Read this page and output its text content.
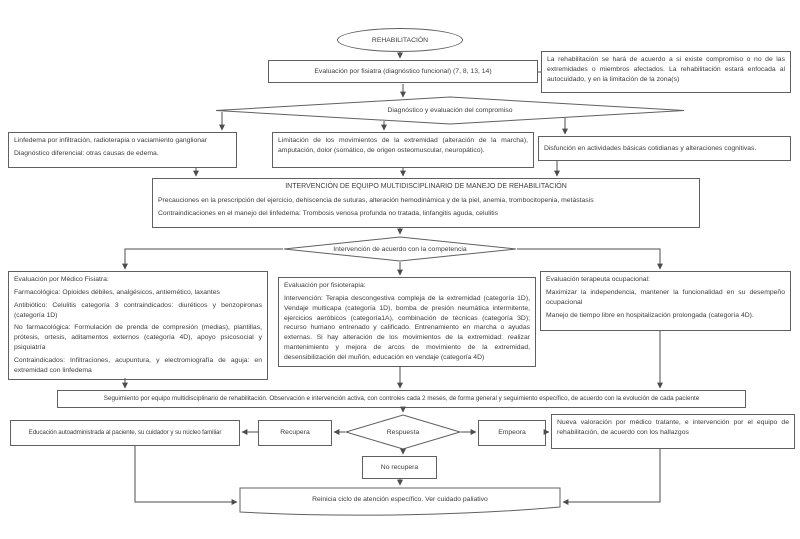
REHABILITACIÓN
Evaluación por fisiatra (diagnóstico funcional) (7, 8, 13, 14)
La rehabilitación se hará de acuerdo a si existe compromiso o no de las extremidades o miembros afectados. La rehabilitación estará enfocada al autocuidado, y en la limitación de la zona(s)
Diagnóstico y evaluación del compromiso

Linfedema por infiltración, radioterapia o vaciamiento ganglionar

Diagnóstico diferencial: otras causas de edema.

Limitación de los movimientos de la extremidad (alteración de la marcha), amputación, dolor (somático, de origen osteomuscular, neuropático).	Disfunción en actividades básicas cotidianas y alteraciones cognitivas.

INTERVENCIÓN DE EQUIPO MULTIDISCIPLINARIO DE MANEJO DE REHABILITACIÓN

Precauciones en la prescripción del ejercicio, dehiscencia de suturas, alteración hemodinámica y de la piel, anemia, trombocitopenia, metástasis

Contraindicaciones en el manejo del linfedema: Trombosis venosa profunda no tratada, linfangitis aguda, celulitis

Intervención de acuerdo con la competencia

Evaluación por Médico Fisiatra:

Farmacológica: Opioides débiles, analgésicos, antiemético, laxantes

Antibiótico: Celulitis categoría 3 contraindicados: diuréticos y benzopironas (categoría 1D)

No farmacológica: Formulación de prenda de compresión (medias), plantillas, prótesis, ortesis, aditamentos externos (categoría 4D), apoyo psicosocial y psiquiatría

Contraindicados: Infiltraciones, acupuntura, y electromiografía de aguja: en extremidad con linfedema

Evaluación por fisioterapia:

Intervención: Terapia descongestiva compleja de la extremidad (categoría 1D), Vendaje multicapa (categoría 1D), bomba de presión neumática intermitente, ejercicios aeróbicos (categoría1A), combinación de técnicas (categoría 3D); recurso humano entrenado y calificado. Entrenamiento en marcha o ayudas externas. Si hay alteración de los movimientos de la extremidad: realizar mantenimiento y mejora de arcos de movimiento de la extremidad, desensibilización del muñón, educación en vendaje (categoría 4D)

Evaluación terapeuta ocupacional:

Maximizar la independencia, mantener la funcionalidad en su desempeño ocupacional

Manejo de tiempo libre en hospitalización prolongada (categoría 4D).

Seguimiento por equipo multidisciplinario de rehabilitación. Observación e intervención activa, con controles cada 2 meses, de forma general y seguimiento específico, de acuerdo con la evolución de cada paciente
Educación autoadministrada al paciente, su cuidador y su núcleo familiar	Recupera	Respuesta	Empeora
Nueva valoración por médico tratante, e intervención por el equipo de rehabilitación, de acuerdo con los hallazgos
No recupera
Reinicia ciclo de atención específico. Ver cuidado paliativo
